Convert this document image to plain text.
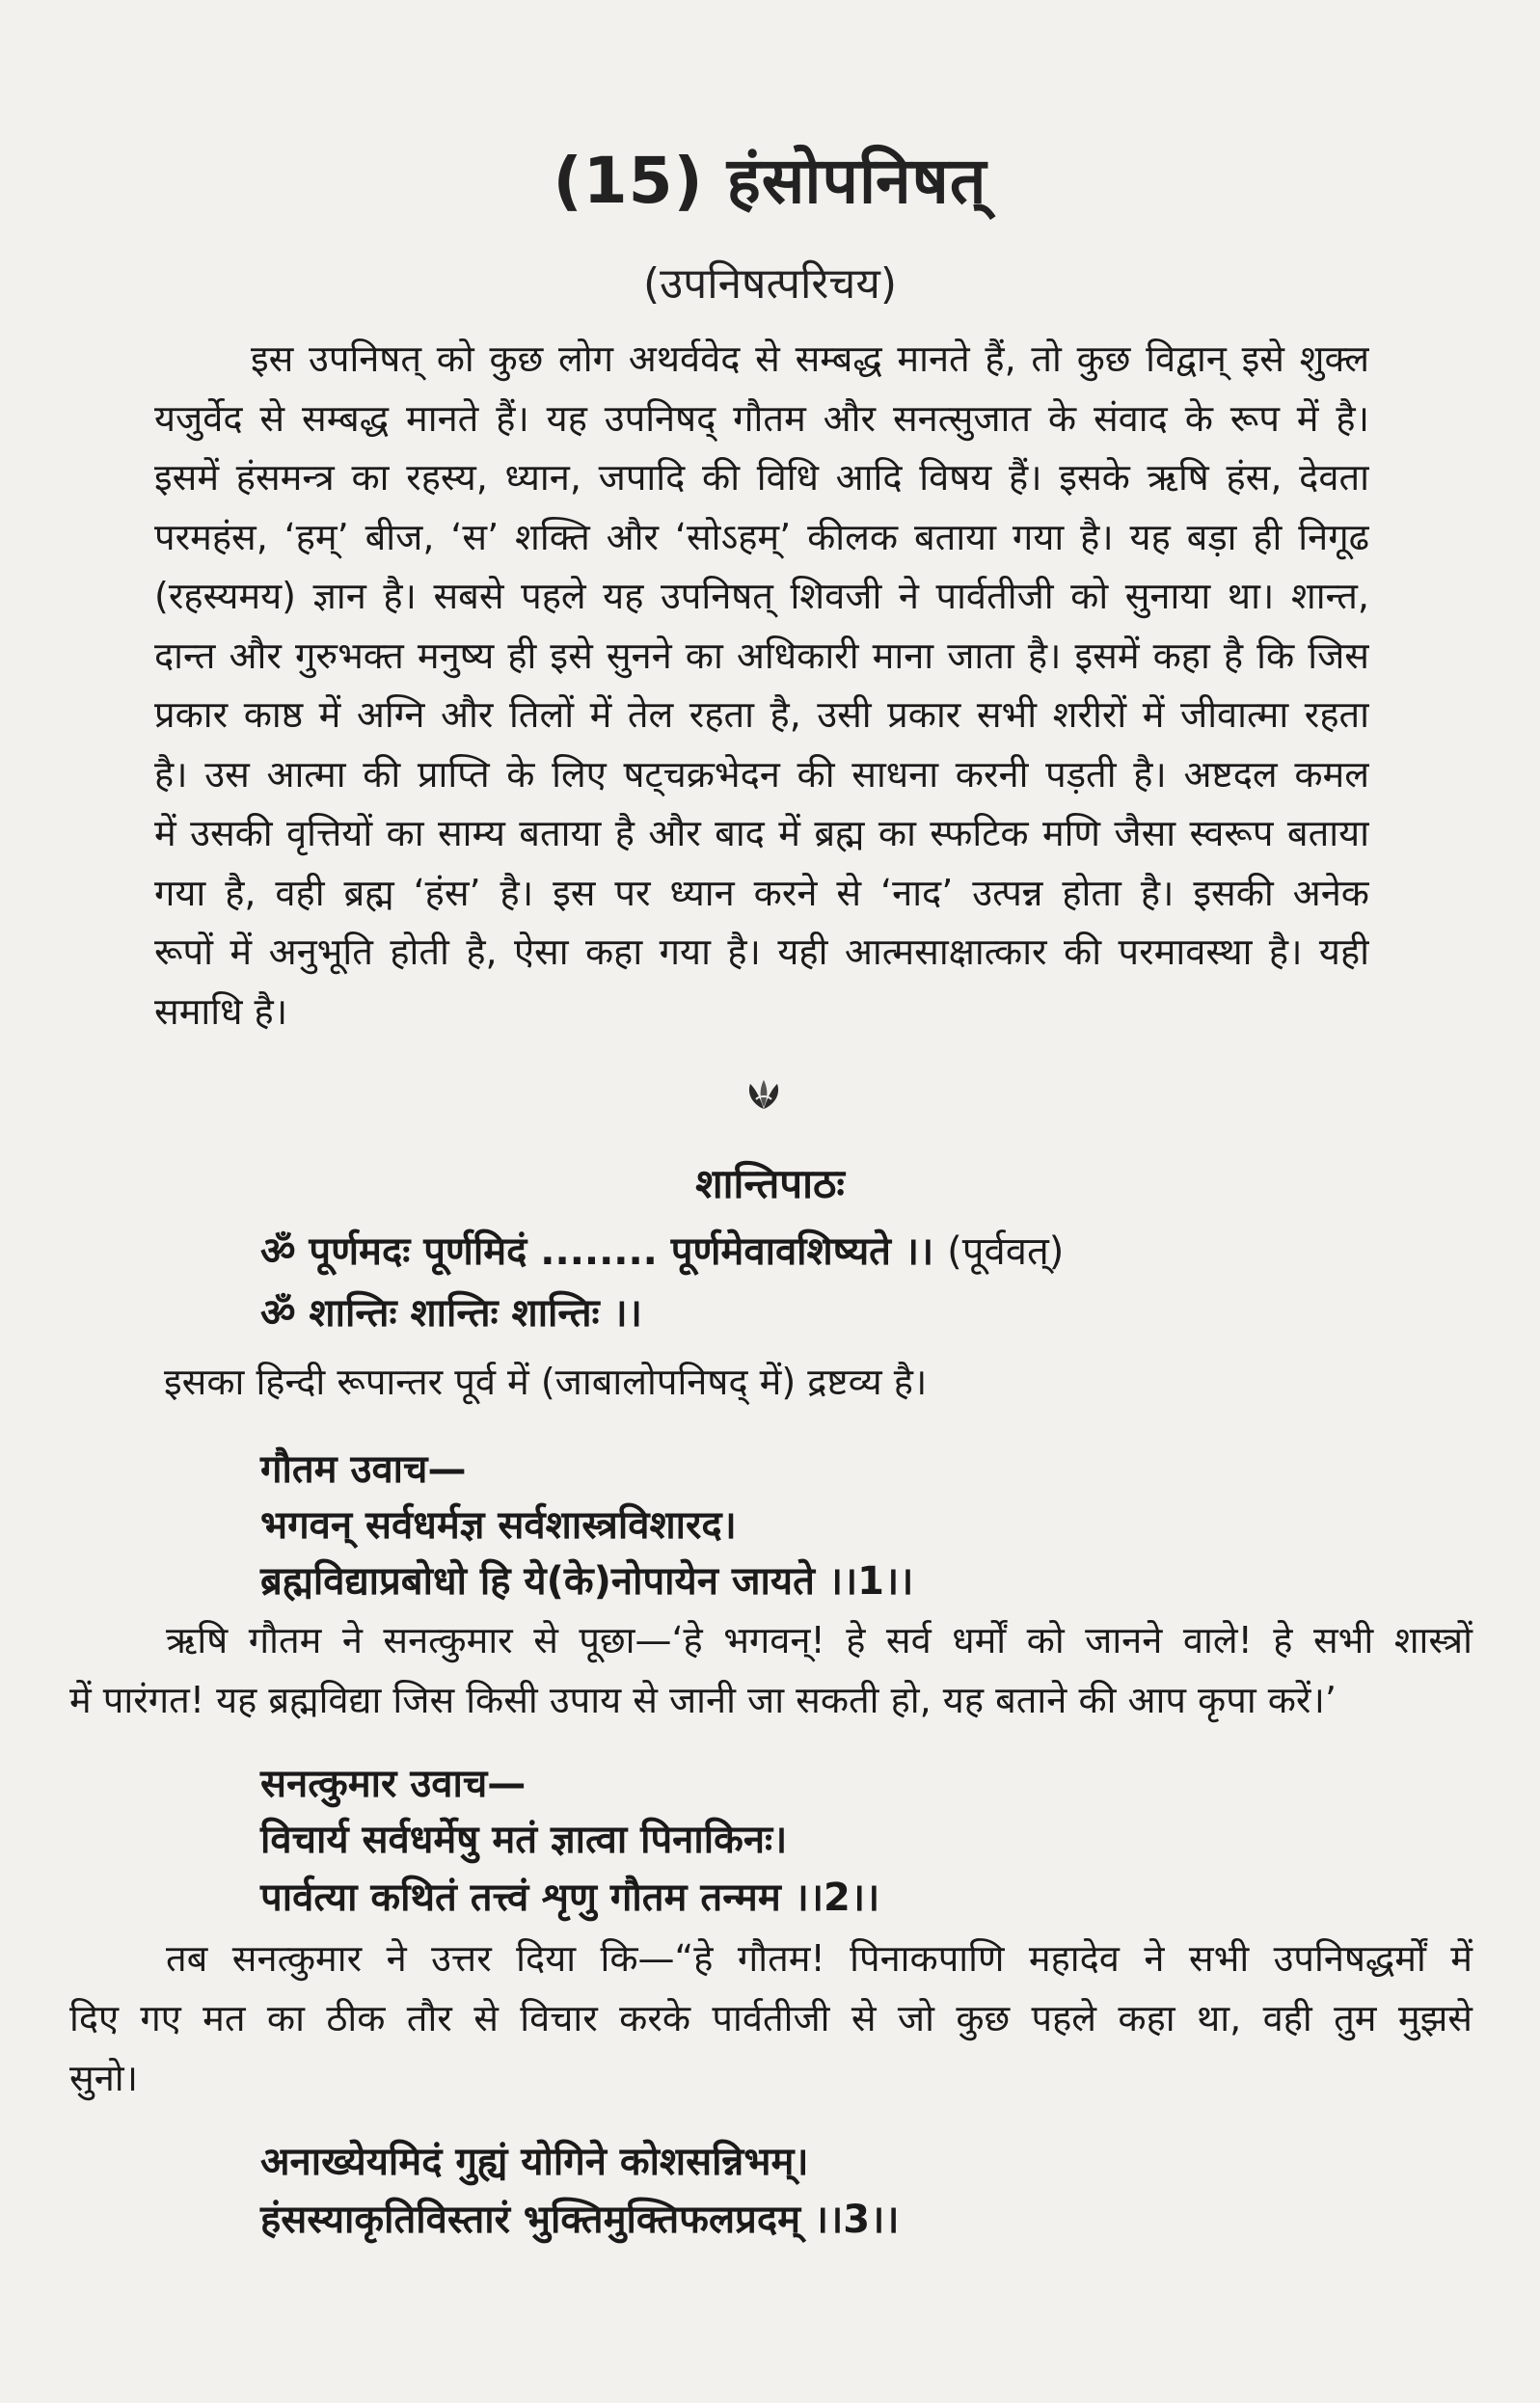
(15) हंसोपनिषत्
(उपनिषत्परिचय)
इस उपनिषत् को कुछ लोग अथर्ववेद से सम्बद्ध मानते हैं, तो कुछ विद्वान् इसे शुक्ल
यजुर्वेद से सम्बद्ध मानते हैं। यह उपनिषद् गौतम और सनत्सुजात के संवाद के रूप में है।
इसमें हंसमन्त्र का रहस्य, ध्यान, जपादि की विधि आदि विषय हैं। इसके ऋषि हंस, देवता
परमहंस, ‘हम्’ बीज, ‘स’ शक्ति और ‘सोऽहम्’ कीलक बताया गया है। यह बड़ा ही निगूढ
(रहस्यमय) ज्ञान है। सबसे पहले यह उपनिषत् शिवजी ने पार्वतीजी को सुनाया था। शान्त,
दान्त और गुरुभक्त मनुष्य ही इसे सुनने का अधिकारी माना जाता है। इसमें कहा है कि जिस
प्रकार काष्ठ में अग्नि और तिलों में तेल रहता है, उसी प्रकार सभी शरीरों में जीवात्मा रहता
है। उस आत्मा की प्राप्ति के लिए षट्चक्रभेदन की साधना करनी पड़ती है। अष्टदल कमल
में उसकी वृत्तियों का साम्य बताया है और बाद में ब्रह्म का स्फटिक मणि जैसा स्वरूप बताया
गया है, वही ब्रह्म ‘हंस’ है। इस पर ध्यान करने से ‘नाद’ उत्पन्न होता है। इसकी अनेक
रूपों में अनुभूति होती है, ऐसा कहा गया है। यही आत्मसाक्षात्कार की परमावस्था है। यही
समाधि है।
शान्तिपाठः
ॐ पूर्णमदः पूर्णमिदं ........ पूर्णमेवावशिष्यते ।। (पूर्ववत्)
ॐ शान्तिः शान्तिः शान्तिः ।।
इसका हिन्दी रूपान्तर पूर्व में (जाबालोपनिषद् में) द्रष्टव्य है।
गौतम उवाच—
भगवन् सर्वधर्मज्ञ सर्वशास्त्रविशारद।
ब्रह्मविद्याप्रबोधो हि ये(के)नोपायेन जायते ।।1।।
ऋषि गौतम ने सनत्कुमार से पूछा—‘हे भगवन्! हे सर्व धर्मों को जानने वाले! हे सभी शास्त्रों
में पारंगत! यह ब्रह्मविद्या जिस किसी उपाय से जानी जा सकती हो, यह बताने की आप कृपा करें।’
सनत्कुमार उवाच—
विचार्य सर्वधर्मेषु मतं ज्ञात्वा पिनाकिनः।
पार्वत्या कथितं तत्त्वं शृणु गौतम तन्मम ।।2।।
तब सनत्कुमार ने उत्तर दिया कि—“हे गौतम! पिनाकपाणि महादेव ने सभी उपनिषद्धर्मों में
दिए गए मत का ठीक तौर से विचार करके पार्वतीजी से जो कुछ पहले कहा था, वही तुम मुझसे
सुनो।
अनाख्येयमिदं गुह्यं योगिने कोशसन्निभम्।
हंसस्याकृतिविस्तारं भुक्तिमुक्तिफलप्रदम् ।।3।।
